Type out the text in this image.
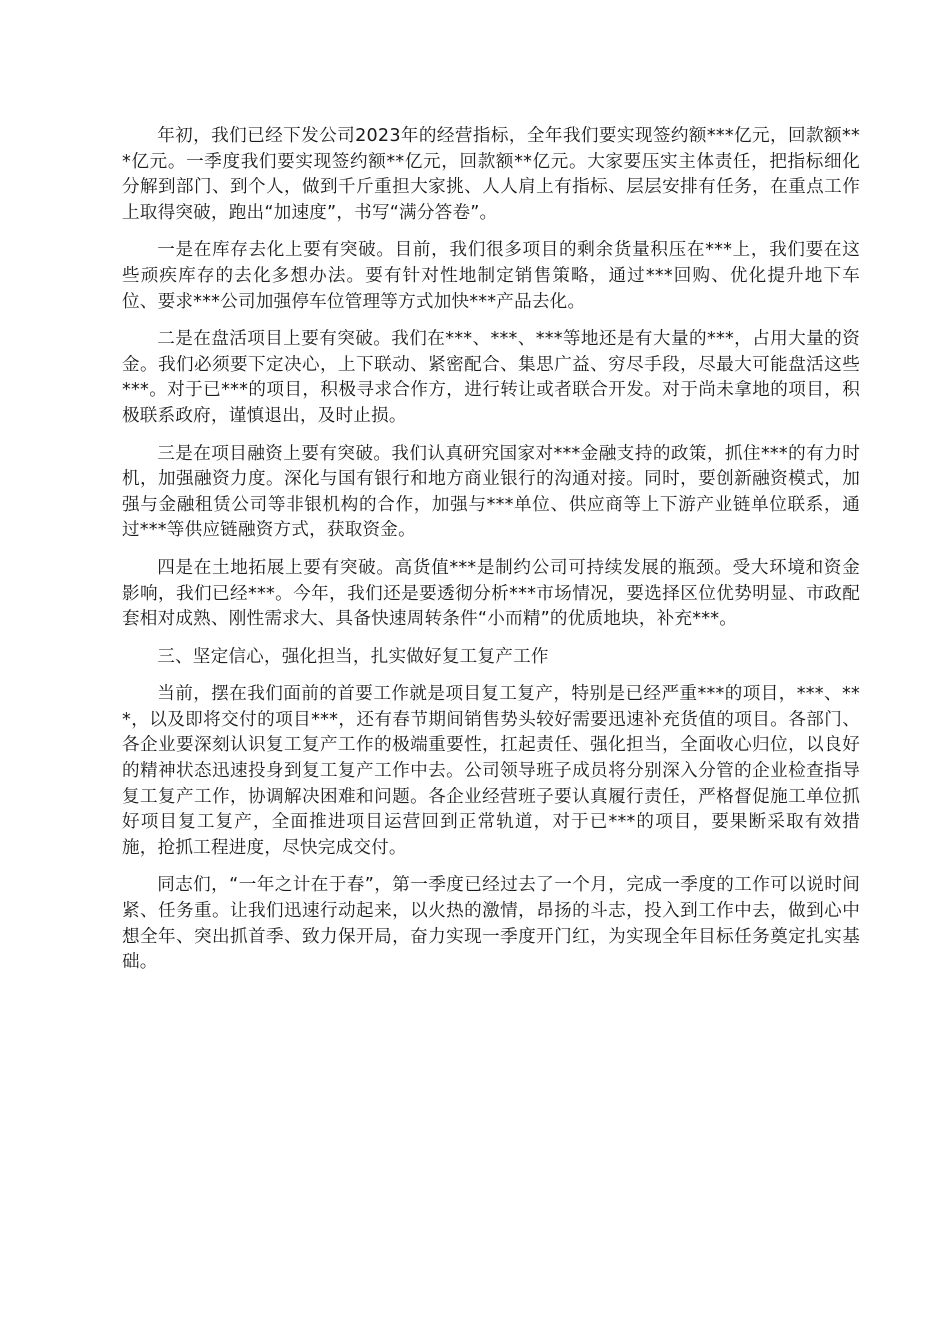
年初，我们已经下发公司2023年的经营指标，全年我们要实现签约额***亿元，回款额***亿元。一季度我们要实现签约额**亿元，回款额**亿元。大家要压实主体责任，把指标细化分解到部门、到个人，做到千斤重担大家挑、人人肩上有指标、层层安排有任务，在重点工作上取得突破，跑出“加速度”，书写“满分答卷”。

一是在库存去化上要有突破。目前，我们很多项目的剩余货量积压在***上，我们要在这些顽疾库存的去化多想办法。要有针对性地制定销售策略，通过***回购、优化提升地下车位、要求***公司加强停车位管理等方式加快***产品去化。

二是在盘活项目上要有突破。我们在***、***、***等地还是有大量的***，占用大量的资金。我们必须要下定决心，上下联动、紧密配合、集思广益、穷尽手段，尽最大可能盘活这些***。对于已***的项目，积极寻求合作方，进行转让或者联合开发。对于尚未拿地的项目，积极联系政府，谨慎退出，及时止损。

三是在项目融资上要有突破。我们认真研究国家对***金融支持的政策，抓住***的有力时机，加强融资力度。深化与国有银行和地方商业银行的沟通对接。同时，要创新融资模式，加强与金融租赁公司等非银机构的合作，加强与***单位、供应商等上下游产业链单位联系，通过***等供应链融资方式，获取资金。

四是在土地拓展上要有突破。高货值***是制约公司可持续发展的瓶颈。受大环境和资金影响，我们已经***。今年，我们还是要透彻分析***市场情况，要选择区位优势明显、市政配套相对成熟、刚性需求大、具备快速周转条件“小而精”的优质地块，补充***。

三、坚定信心，强化担当，扎实做好复工复产工作

当前，摆在我们面前的首要工作就是项目复工复产，特别是已经严重***的项目，***、***，以及即将交付的项目***，还有春节期间销售势头较好需要迅速补充货值的项目。各部门、各企业要深刻认识复工复产工作的极端重要性，扛起责任、强化担当，全面收心归位，以良好的精神状态迅速投身到复工复产工作中去。公司领导班子成员将分别深入分管的企业检查指导复工复产工作，协调解决困难和问题。各企业经营班子要认真履行责任，严格督促施工单位抓好项目复工复产，全面推进项目运营回到正常轨道，对于已***的项目，要果断采取有效措施，抢抓工程进度，尽快完成交付。

同志们，“一年之计在于春”，第一季度已经过去了一个月，完成一季度的工作可以说时间紧、任务重。让我们迅速行动起来，以火热的激情，昂扬的斗志，投入到工作中去，做到心中想全年、突出抓首季、致力保开局，奋力实现一季度开门红，为实现全年目标任务奠定扎实基础。
